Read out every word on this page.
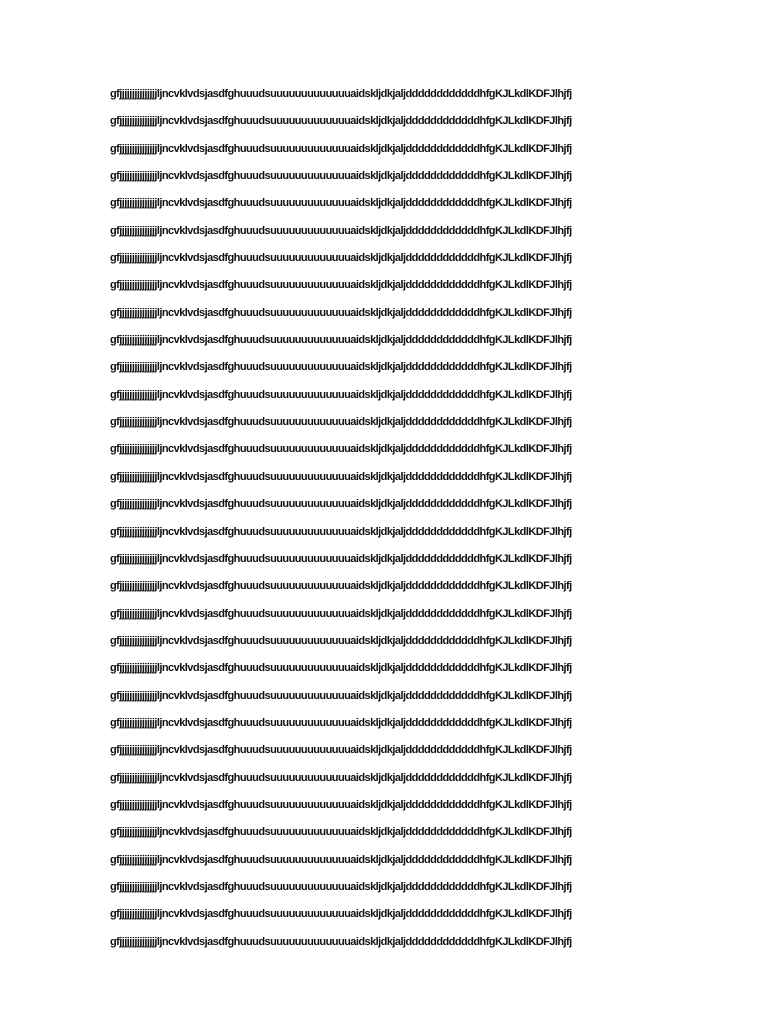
gfjjjjjjjjjjjjjjjljncvklvdsjasdfghuuudsuuuuuuuuuuuuuaidskljdkjaljddddddddddddhfgKJLkdlKDFJlhjfj
gfjjjjjjjjjjjjjjjljncvklvdsjasdfghuuudsuuuuuuuuuuuuuaidskljdkjaljddddddddddddhfgKJLkdlKDFJlhjfj
gfjjjjjjjjjjjjjjjljncvklvdsjasdfghuuudsuuuuuuuuuuuuuaidskljdkjaljddddddddddddhfgKJLkdlKDFJlhjfj
gfjjjjjjjjjjjjjjjljncvklvdsjasdfghuuudsuuuuuuuuuuuuuaidskljdkjaljddddddddddddhfgKJLkdlKDFJlhjfj
gfjjjjjjjjjjjjjjjljncvklvdsjasdfghuuudsuuuuuuuuuuuuuaidskljdkjaljddddddddddddhfgKJLkdlKDFJlhjfj
gfjjjjjjjjjjjjjjjljncvklvdsjasdfghuuudsuuuuuuuuuuuuuaidskljdkjaljddddddddddddhfgKJLkdlKDFJlhjfj
gfjjjjjjjjjjjjjjjljncvklvdsjasdfghuuudsuuuuuuuuuuuuuaidskljdkjaljddddddddddddhfgKJLkdlKDFJlhjfj
gfjjjjjjjjjjjjjjjljncvklvdsjasdfghuuudsuuuuuuuuuuuuuaidskljdkjaljddddddddddddhfgKJLkdlKDFJlhjfj
gfjjjjjjjjjjjjjjjljncvklvdsjasdfghuuudsuuuuuuuuuuuuuaidskljdkjaljddddddddddddhfgKJLkdlKDFJlhjfj
gfjjjjjjjjjjjjjjjljncvklvdsjasdfghuuudsuuuuuuuuuuuuuaidskljdkjaljddddddddddddhfgKJLkdlKDFJlhjfj
gfjjjjjjjjjjjjjjjljncvklvdsjasdfghuuudsuuuuuuuuuuuuuaidskljdkjaljddddddddddddhfgKJLkdlKDFJlhjfj
gfjjjjjjjjjjjjjjjljncvklvdsjasdfghuuudsuuuuuuuuuuuuuaidskljdkjaljddddddddddddhfgKJLkdlKDFJlhjfj
gfjjjjjjjjjjjjjjjljncvklvdsjasdfghuuudsuuuuuuuuuuuuuaidskljdkjaljddddddddddddhfgKJLkdlKDFJlhjfj
gfjjjjjjjjjjjjjjjljncvklvdsjasdfghuuudsuuuuuuuuuuuuuaidskljdkjaljddddddddddddhfgKJLkdlKDFJlhjfj
gfjjjjjjjjjjjjjjjljncvklvdsjasdfghuuudsuuuuuuuuuuuuuaidskljdkjaljddddddddddddhfgKJLkdlKDFJlhjfj
gfjjjjjjjjjjjjjjjljncvklvdsjasdfghuuudsuuuuuuuuuuuuuaidskljdkjaljddddddddddddhfgKJLkdlKDFJlhjfj
gfjjjjjjjjjjjjjjjljncvklvdsjasdfghuuudsuuuuuuuuuuuuuaidskljdkjaljddddddddddddhfgKJLkdlKDFJlhjfj
gfjjjjjjjjjjjjjjjljncvklvdsjasdfghuuudsuuuuuuuuuuuuuaidskljdkjaljddddddddddddhfgKJLkdlKDFJlhjfj
gfjjjjjjjjjjjjjjjljncvklvdsjasdfghuuudsuuuuuuuuuuuuuaidskljdkjaljddddddddddddhfgKJLkdlKDFJlhjfj
gfjjjjjjjjjjjjjjjljncvklvdsjasdfghuuudsuuuuuuuuuuuuuaidskljdkjaljddddddddddddhfgKJLkdlKDFJlhjfj
gfjjjjjjjjjjjjjjjljncvklvdsjasdfghuuudsuuuuuuuuuuuuuaidskljdkjaljddddddddddddhfgKJLkdlKDFJlhjfj
gfjjjjjjjjjjjjjjjljncvklvdsjasdfghuuudsuuuuuuuuuuuuuaidskljdkjaljddddddddddddhfgKJLkdlKDFJlhjfj
gfjjjjjjjjjjjjjjjljncvklvdsjasdfghuuudsuuuuuuuuuuuuuaidskljdkjaljddddddddddddhfgKJLkdlKDFJlhjfj
gfjjjjjjjjjjjjjjjljncvklvdsjasdfghuuudsuuuuuuuuuuuuuaidskljdkjaljddddddddddddhfgKJLkdlKDFJlhjfj
gfjjjjjjjjjjjjjjjljncvklvdsjasdfghuuudsuuuuuuuuuuuuuaidskljdkjaljddddddddddddhfgKJLkdlKDFJlhjfj
gfjjjjjjjjjjjjjjjljncvklvdsjasdfghuuudsuuuuuuuuuuuuuaidskljdkjaljddddddddddddhfgKJLkdlKDFJlhjfj
gfjjjjjjjjjjjjjjjljncvklvdsjasdfghuuudsuuuuuuuuuuuuuaidskljdkjaljddddddddddddhfgKJLkdlKDFJlhjfj
gfjjjjjjjjjjjjjjjljncvklvdsjasdfghuuudsuuuuuuuuuuuuuaidskljdkjaljddddddddddddhfgKJLkdlKDFJlhjfj
gfjjjjjjjjjjjjjjjljncvklvdsjasdfghuuudsuuuuuuuuuuuuuaidskljdkjaljddddddddddddhfgKJLkdlKDFJlhjfj
gfjjjjjjjjjjjjjjjljncvklvdsjasdfghuuudsuuuuuuuuuuuuuaidskljdkjaljddddddddddddhfgKJLkdlKDFJlhjfj
gfjjjjjjjjjjjjjjjljncvklvdsjasdfghuuudsuuuuuuuuuuuuuaidskljdkjaljddddddddddddhfgKJLkdlKDFJlhjfj
gfjjjjjjjjjjjjjjjljncvklvdsjasdfghuuudsuuuuuuuuuuuuuaidskljdkjaljddddddddddddhfgKJLkdlKDFJlhjfj
